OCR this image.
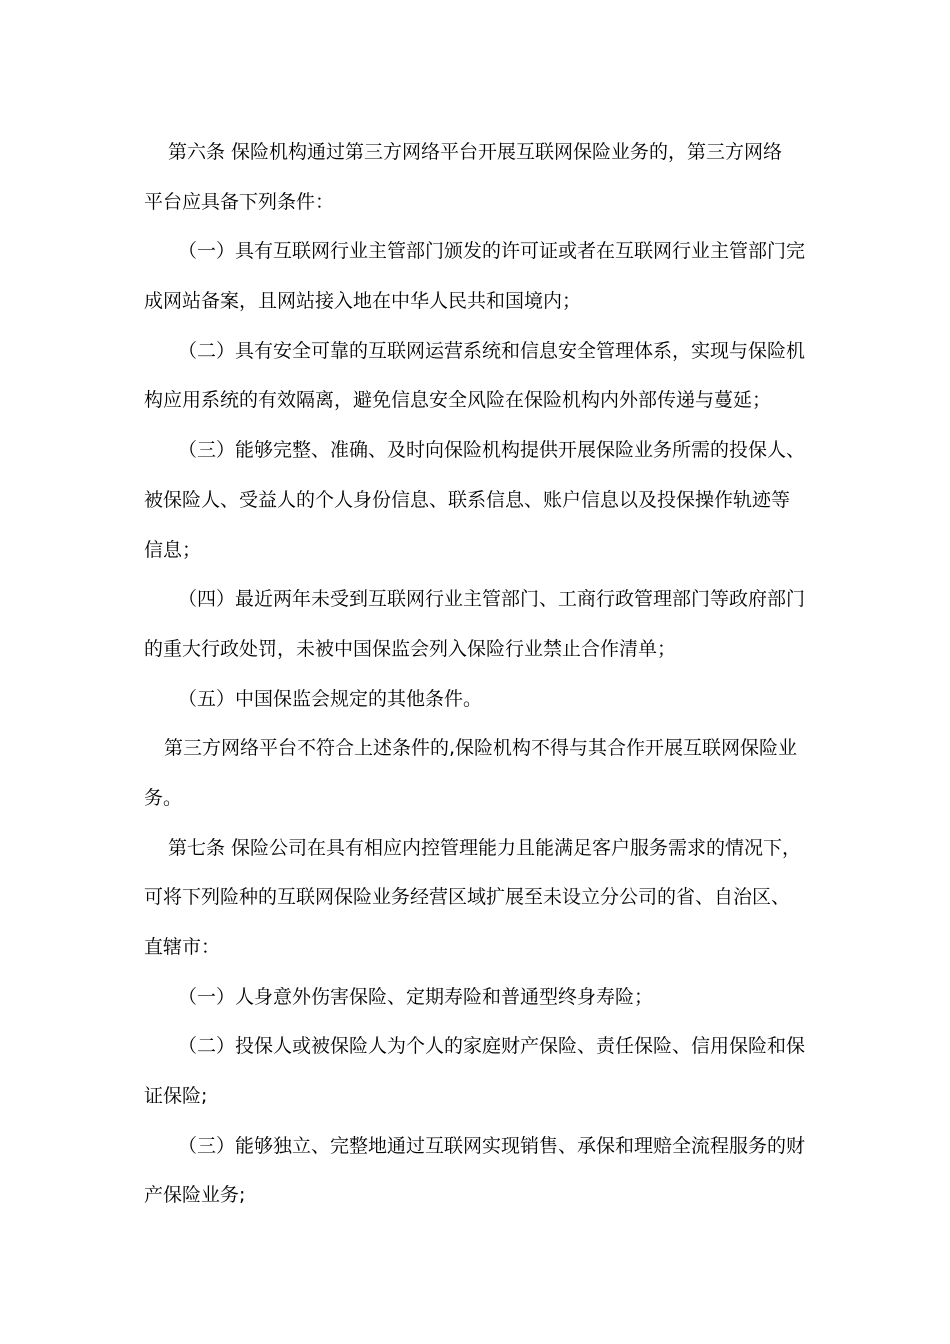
第六条 保险机构通过第三方网络平台开展互联网保险业务的，第三方网络
平台应具备下列条件：
（一）具有互联网行业主管部门颁发的许可证或者在互联网行业主管部门完
成网站备案，且网站接入地在中华人民共和国境内；
（二）具有安全可靠的互联网运营系统和信息安全管理体系，实现与保险机
构应用系统的有效隔离，避免信息安全风险在保险机构内外部传递与蔓延；
（三）能够完整、准确、及时向保险机构提供开展保险业务所需的投保人、
被保险人、受益人的个人身份信息、联系信息、账户信息以及投保操作轨迹等
信息；
（四）最近两年未受到互联网行业主管部门、工商行政管理部门等政府部门
的重大行政处罚，未被中国保监会列入保险行业禁止合作清单；
（五）中国保监会规定的其他条件。
第三方网络平台不符合上述条件的,保险机构不得与其合作开展互联网保险业
务。
第七条 保险公司在具有相应内控管理能力且能满足客户服务需求的情况下，
可将下列险种的互联网保险业务经营区域扩展至未设立分公司的省、自治区、
直辖市：
（一）人身意外伤害保险、定期寿险和普通型终身寿险；
（二）投保人或被保险人为个人的家庭财产保险、责任保险、信用保险和保
证保险;
（三）能够独立、完整地通过互联网实现销售、承保和理赔全流程服务的财
产保险业务;
